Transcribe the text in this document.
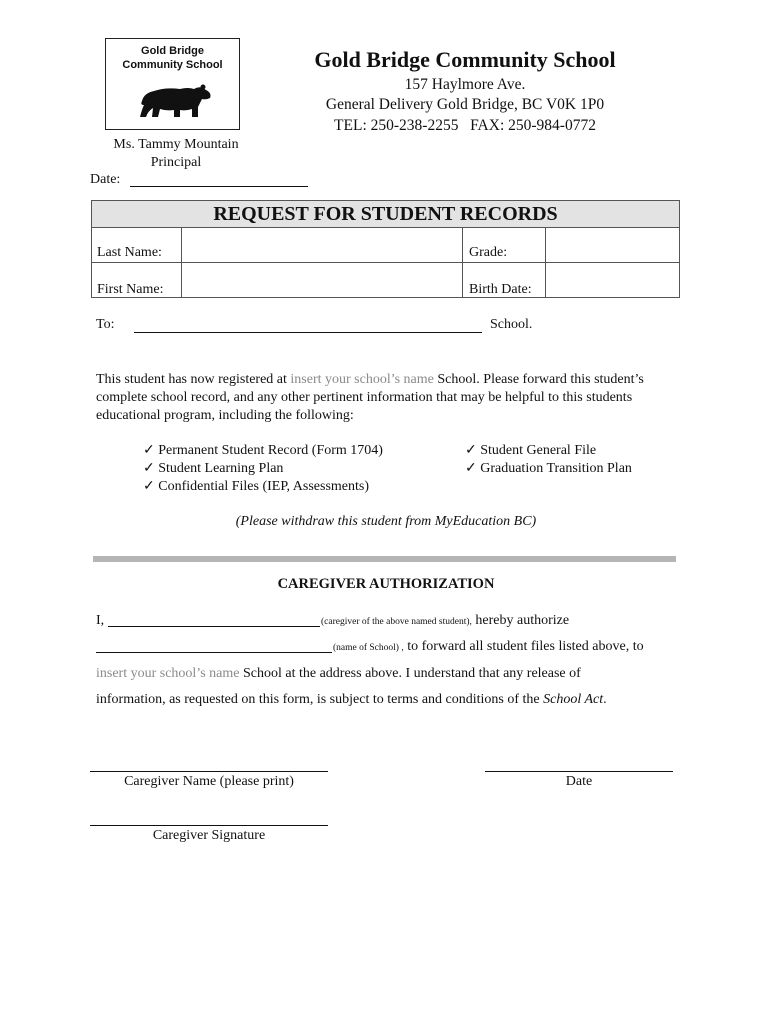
Gold Bridge
Community School	Gold Bridge Community School
157 Haylmore Ave.
General Delivery Gold Bridge, BC V0K 1P0
TEL: 250-238-2255   FAX: 250-984-0772
Ms. Tammy Mountain
Principal
Date:
REQUEST FOR STUDENT RECORDS
Last Name:	Grade:
First Name:	Birth Date:
To:	School.
This student has now registered at insert your school’s name School. Please forward this student’s complete school record, and any other pertinent information that may be helpful to this students educational program, including the following:
✓ Permanent Student Record (Form 1704)
✓ Student Learning Plan
✓ Confidential Files (IEP, Assessments)
✓ Student General File
✓ Graduation Transition Plan
(Please withdraw this student from MyEducation BC)
CAREGIVER AUTHORIZATION
I,	(caregiver of the above named student), hereby authorize
(name of School) , to forward all student files listed above, to
insert your school’s name School at the address above. I understand that any release of
information, as requested on this form, is subject to terms and conditions of the School Act.
Caregiver Name (please print)	Date
Caregiver Signature
